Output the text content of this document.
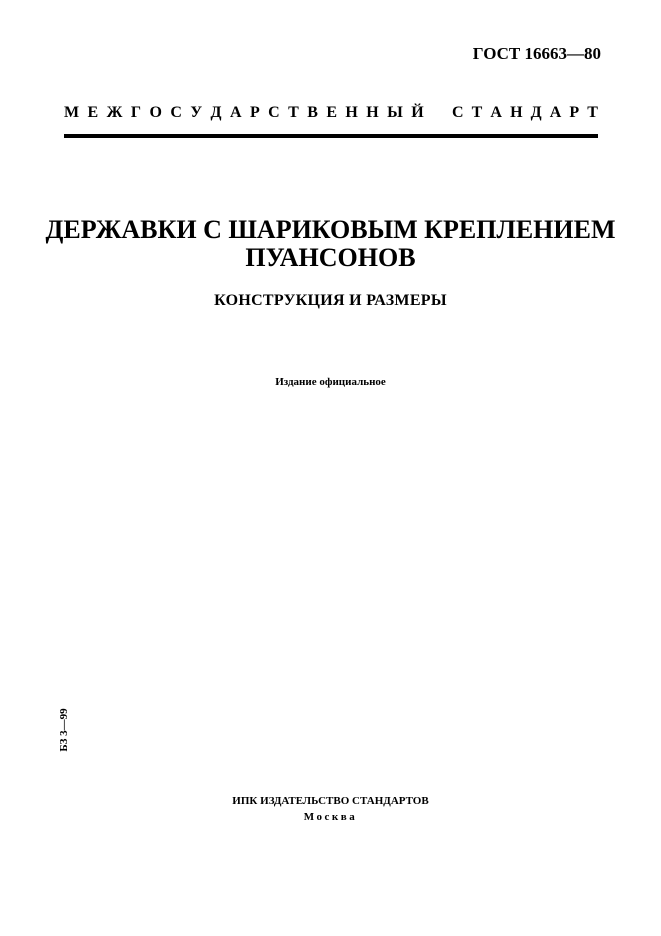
ГОСТ 16663—80
М Е Ж Г О С У Д А Р С Т В Е Н Н Ы Й С Т А Н Д А Р Т
ДЕРЖАВКИ С ШАРИКОВЫМ КРЕПЛЕНИЕМ
ПУАНСОНОВ
КОНСТРУКЦИЯ И РАЗМЕРЫ
Издание официальное
БЗ 3—99
ИПК ИЗДАТЕЛЬСТВО СТАНДАРТОВ
Москва
